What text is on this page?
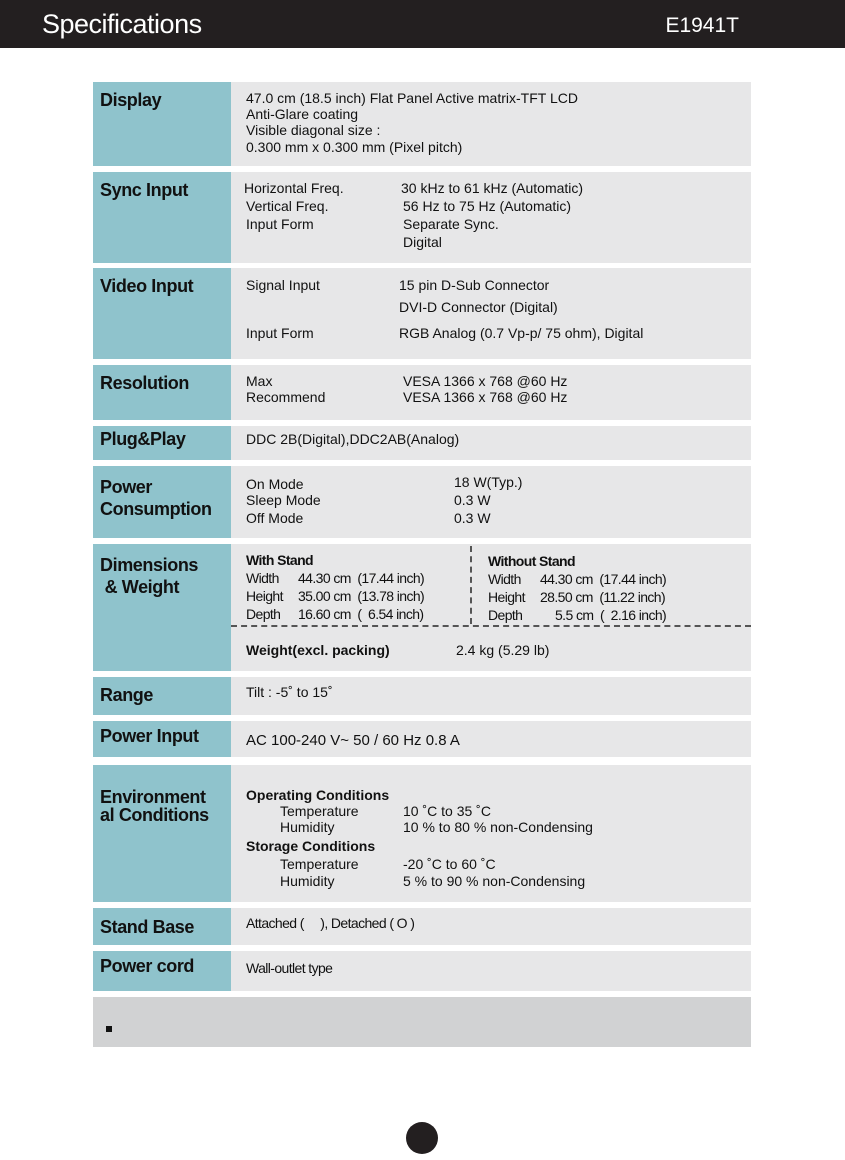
Specifications	E1941T
Display	47.0 cm (18.5 inch) Flat Panel Active matrix-TFT LCD
Anti-Glare coating
Visible diagonal size :
0.300 mm x 0.300 mm (Pixel pitch)
Sync Input	Horizontal Freq.	30 kHz to 61 kHz (Automatic)
Vertical Freq.	56 Hz to 75 Hz (Automatic)
Input Form	Separate Sync.
Digital
Video Input	Signal Input	15 pin D-Sub Connector
DVI-D Connector (Digital)
Input Form	RGB Analog (0.7 Vp-p/ 75 ohm), Digital
Resolution	Max	VESA 1366 x 768 @60 Hz
Recommend	VESA 1366 x 768 @60 Hz
Plug&Play	DDC 2B(Digital),DDC2AB(Analog)
Power
Consumption
On Mode	18 W(Typ.)
Sleep Mode	0.3 W
Off Mode	0.3 W
Dimensions
& Weight
With Stand
Width 44.30 cm  (17.44 inch)
Height 35.00 cm  (13.78 inch)
Depth 16.60 cm  (  6.54 inch)
Without Stand
Width 44.30 cm  (17.44 inch)
Height 28.50 cm  (11.22 inch)
Depth 5.5 cm  (  2.16 inch)
Weight(excl. packing)	2.4 kg (5.29 lb)
Range	Tilt : -5˚ to 15˚
Power Input	AC 100-240 V~ 50 / 60 Hz 0.8 A
Environment
al Conditions
Operating Conditions
Temperature	10 ˚C to 35 ˚C
Humidity	10 % to 80 % non-Condensing
Storage Conditions
Temperature	-20 ˚C to 60 ˚C
Humidity	5 % to 90 % non-Condensing
Stand Base	Attached (     ), Detached ( O )
Power cord	Wall-outlet type
